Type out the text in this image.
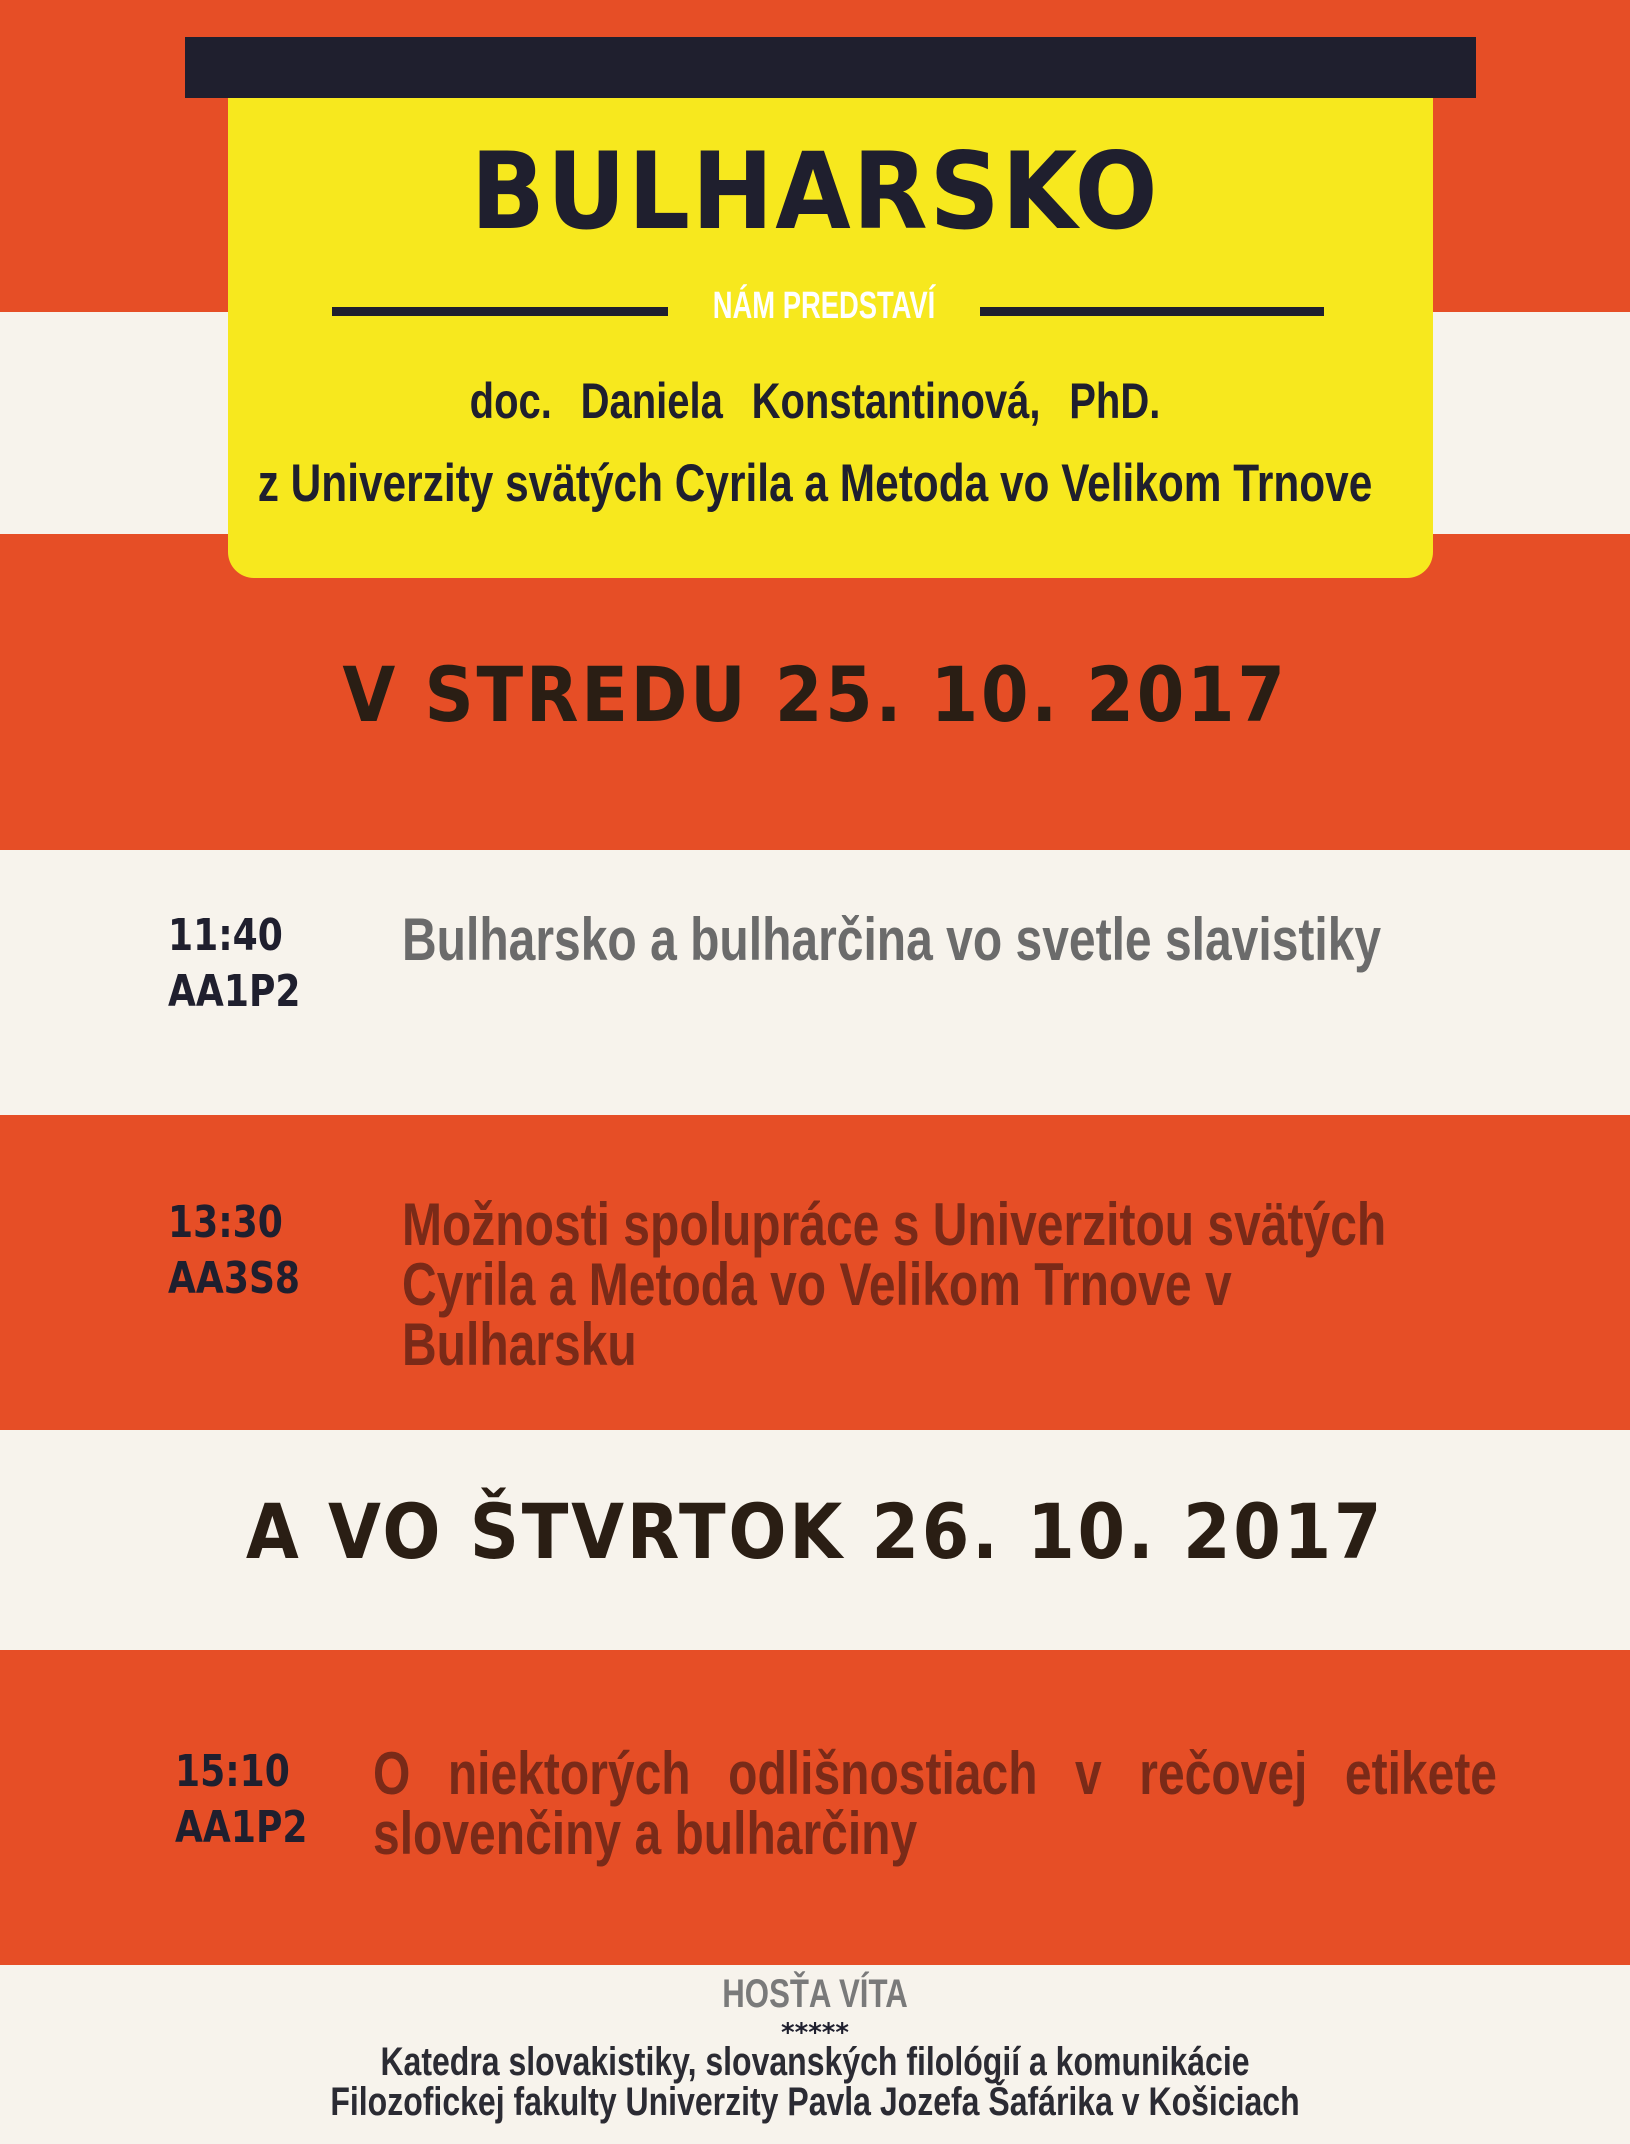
BULHARSKO
NÁM PREDSTAVÍ
doc. Daniela Konstantinová, PhD.
z Univerzity svätých Cyrila a Metoda vo Velikom Trnove
V STREDU 25. 10. 2017
11:40
AA1P2
Bulharsko a bulharčina vo svetle slavistiky
13:30
AA3S8
Možnosti spolupráce s Univerzitou svätých Cyrila a Metoda vo Velikom Trnove v Bulharsku
A VO ŠTVRTOK 26. 10. 2017
15:10
AA1P2
O niektorých odlišnostiach v rečovej etikete slovenčiny a bulharčiny
HOSŤA VÍTA
*****
Katedra slovakistiky, slovanských filológií a komunikácie
Filozofickej fakulty Univerzity Pavla Jozefa Šafárika v Košiciach
